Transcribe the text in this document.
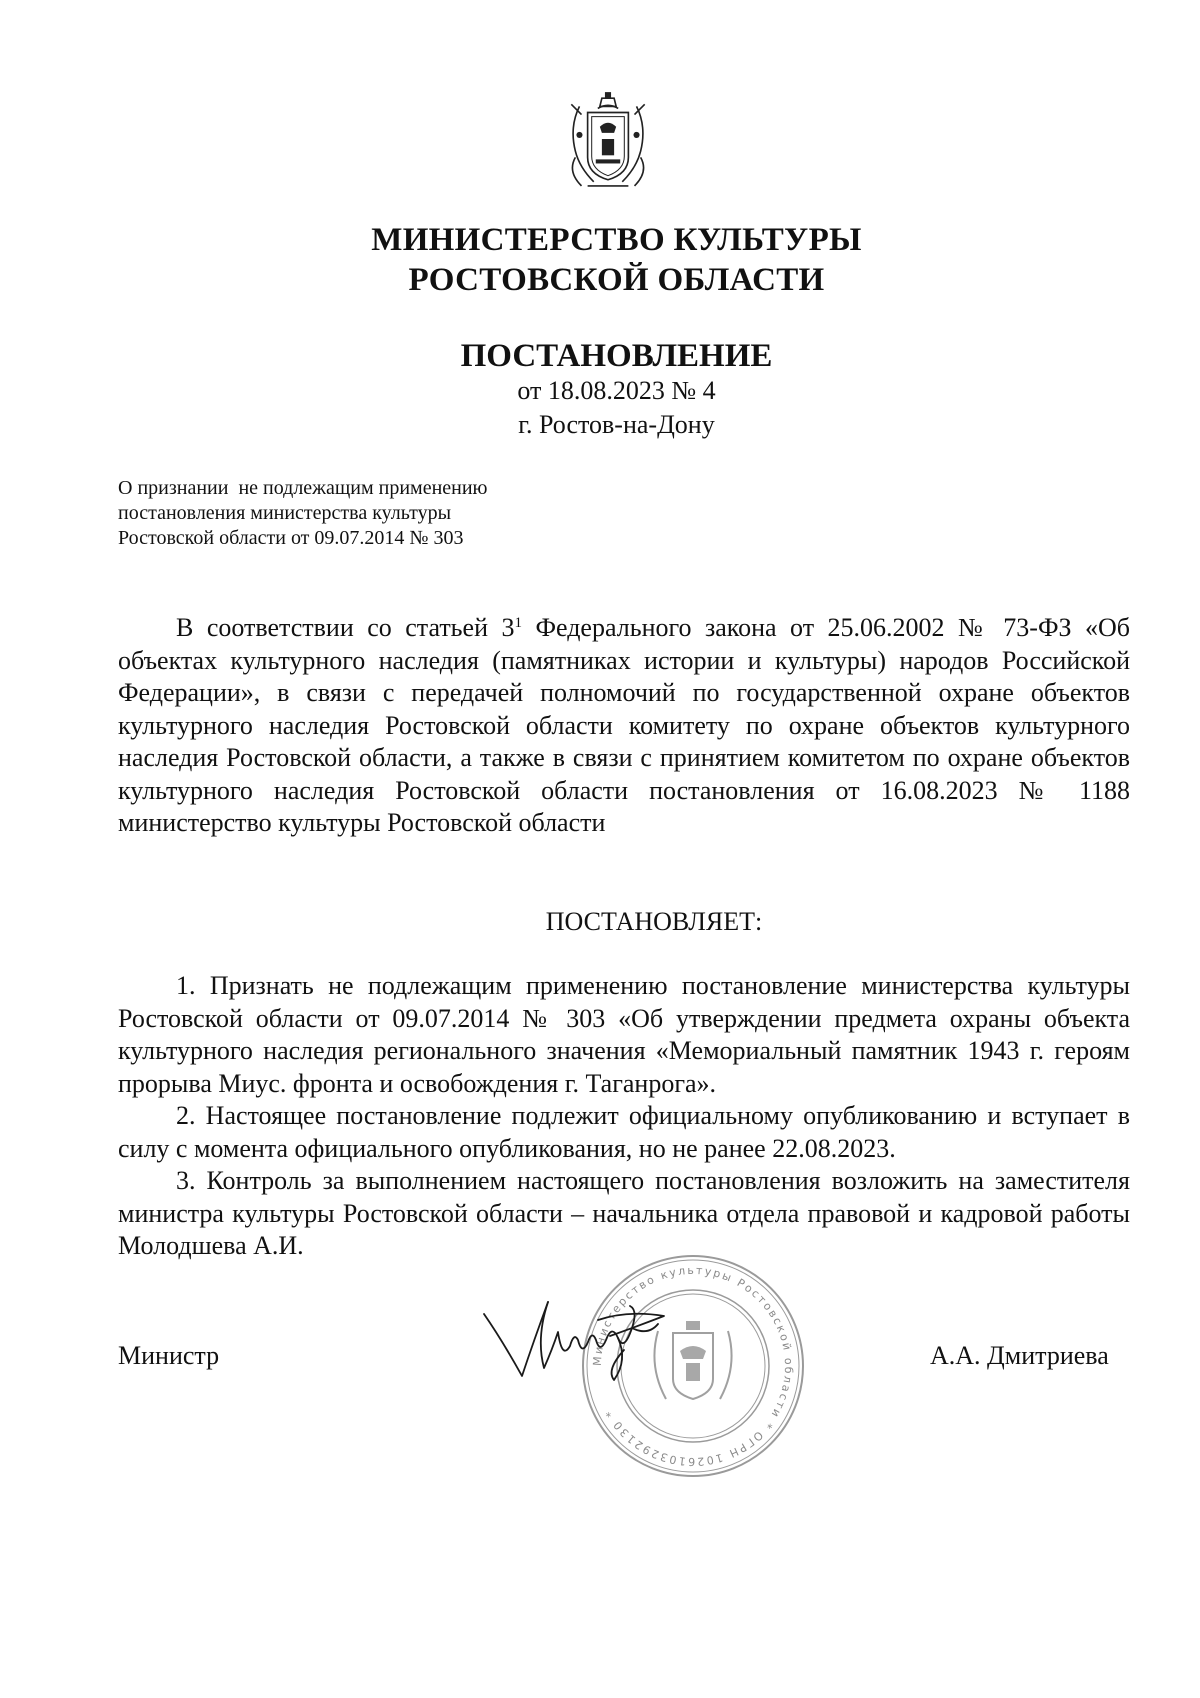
МИНИСТЕРСТВО КУЛЬТУРЫ
РОСТОВСКОЙ ОБЛАСТИ
ПОСТАНОВЛЕНИЕ
от 18.08.2023 № 4
г. Ростов-на-Дону
О признании  не подлежащим применению
постановления министерства культуры
Ростовской области от 09.07.2014 № 303

В соответствии со статьей $3^1$ Федерального закона от 25.06.2002 № 73-ФЗ «Об объектах культурного наследия (памятниках истории и культуры) народов Российской Федерации», в связи с передачей полномочий по государственной охране объектов культурного наследия Ростовской области комитету по охране объектов культурного наследия Ростовской области, а также в связи с принятием комитетом по охране объектов культурного наследия Ростовской области постановления от 16.08.2023 № 1188 министерство культуры Ростовской области

ПОСТАНОВЛЯЕТ:

1. Признать не подлежащим применению постановление министерства культуры Ростовской области от 09.07.2014 № 303 «Об утверждении предмета охраны объекта культурного наследия регионального значения «Мемориальный памятник 1943 г. героям прорыва Миус. фронта и освобождения г. Таганрога».

2. Настоящее постановление подлежит официальному опубликованию и вступает в силу с момента официального опубликования, но не ранее 22.08.2023.

3. Контроль за выполнением настоящего постановления возложить на заместителя министра культуры Ростовской области – начальника отдела правовой и кадровой работы Молодшева А.И.

Министр	А.А. Дмитриева
Министерство культуры Ростовской области * ОГРН 1026103292130 *
